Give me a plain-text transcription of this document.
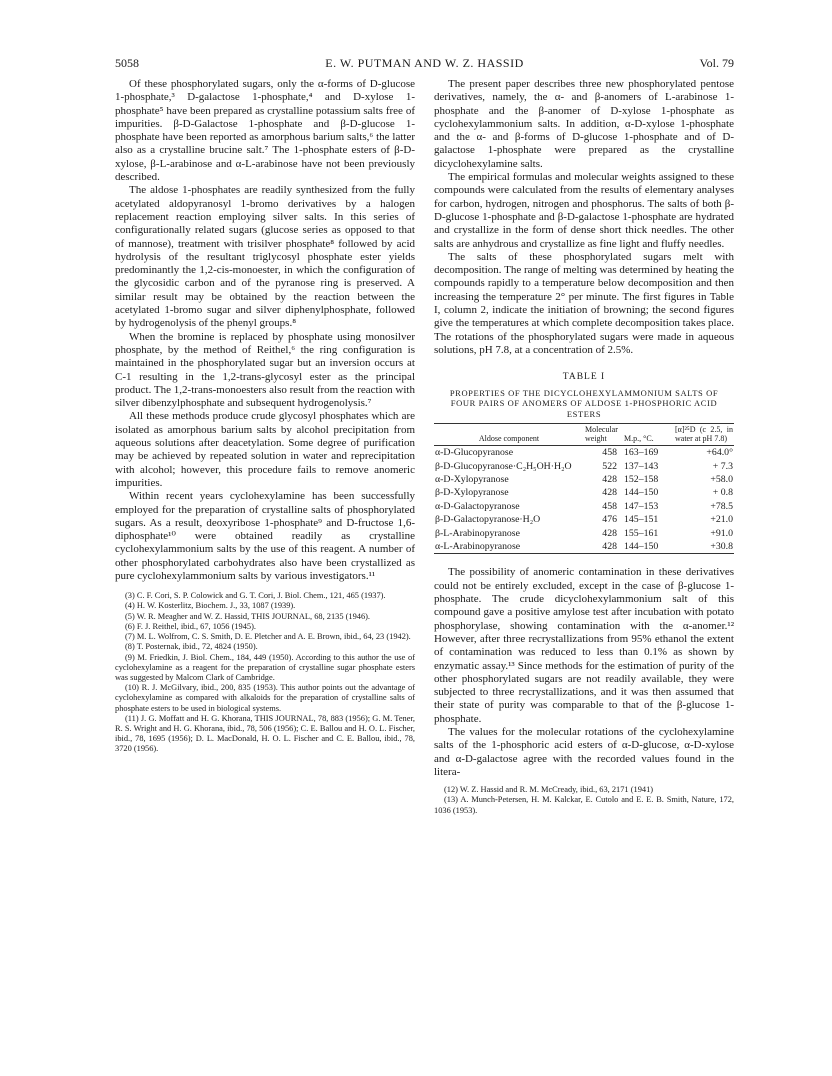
5058	E. W. PUTMAN AND W. Z. HASSID	Vol. 79

Of these phosphorylated sugars, only the α-forms of D-glucose 1-phosphate,³ D-galactose 1-phosphate,⁴ and D-xylose 1-phosphate⁵ have been prepared as crystalline potassium salts free of impurities. β-D-Galactose 1-phosphate and β-D-glucose 1-phosphate have been reported as amorphous barium salts,⁶ the latter also as a crystalline brucine salt.⁷ The 1-phosphate esters of β-D-xylose, β-L-arabinose and α-L-arabinose have not been previously described.

The aldose 1-phosphates are readily synthesized from the fully acetylated aldopyranosyl 1-bromo derivatives by a halogen replacement reaction employing silver salts. In this series of configurationally related sugars (glucose series as opposed to that of mannose), treatment with trisilver phosphate⁸ followed by acid hydrolysis of the resultant triglycosyl phosphate ester yields predominantly the 1,2-cis-monoester, in which the configuration of the glycosidic carbon and of the pyranose ring is preserved. A similar result may be obtained by the reaction between the acetylated 1-bromo sugar and silver diphenylphosphate, followed by hydrogenolysis of the phenyl groups.⁸

When the bromine is replaced by phosphate using monosilver phosphate, by the method of Reithel,⁶ the ring configuration is maintained in the phosphorylated sugar but an inversion occurs at C-1 resulting in the 1,2-trans-glycosyl ester as the principal product. The 1,2-trans-monoesters also result from the reaction with silver dibenzylphosphate and subsequent hydrogenolysis.⁷

All these methods produce crude glycosyl phosphates which are isolated as amorphous barium salts by alcohol precipitation from aqueous solutions after deacetylation. Some degree of purification may be achieved by repeated solution in water and reprecipitation with alcohol; however, this procedure fails to remove anomeric impurities.

Within recent years cyclohexylamine has been successfully employed for the preparation of crystalline salts of phosphorylated sugars. As a result, deoxyribose 1-phosphate⁹ and D-fructose 1,6-diphosphate¹⁰ were obtained readily as crystalline cyclohexylammonium salts by the use of this reagent. A number of other phosphorylated carbohydrates also have been crystallized as pure cyclohexylammonium salts by various investigators.¹¹

(3) C. F. Cori, S. P. Colowick and G. T. Cori, J. Biol. Chem., 121, 465 (1937).
(4) H. W. Kosterlitz, Biochem. J., 33, 1087 (1939).
(5) W. R. Meagher and W. Z. Hassid, THIS JOURNAL, 68, 2135 (1946).
(6) F. J. Reithel, ibid., 67, 1056 (1945).
(7) M. L. Wolfrom, C. S. Smith, D. E. Pletcher and A. E. Brown, ibid., 64, 23 (1942).
(8) T. Posternak, ibid., 72, 4824 (1950).
(9) M. Friedkin, J. Biol. Chem., 184, 449 (1950). According to this author the use of cyclohexylamine as a reagent for the preparation of crystalline sugar phosphate esters was suggested by Malcom Clark of Cambridge.
(10) R. J. McGilvary, ibid., 200, 835 (1953). This author points out the advantage of cyclohexylamine as compared with alkaloids for the preparation of crystalline salts of phosphate esters to be used in biological systems.
(11) J. G. Moffatt and H. G. Khorana, THIS JOURNAL, 78, 883 (1956); G. M. Tener, R. S. Wright and H. G. Khorana, ibid., 78, 506 (1956); C. E. Ballou and H. O. L. Fischer, ibid., 78, 1695 (1956); D. L. MacDonald, H. O. L. Fischer and C. E. Ballou, ibid., 78, 3720 (1956).

The present paper describes three new phosphorylated pentose derivatives, namely, the α- and β-anomers of L-arabinose 1-phosphate and the β-anomer of D-xylose 1-phosphate as cyclohexylammonium salts. In addition, α-D-xylose 1-phosphate and the α- and β-forms of D-glucose 1-phosphate and of D-galactose 1-phosphate were prepared as the crystalline dicyclohexylamine salts.

The empirical formulas and molecular weights assigned to these compounds were calculated from the results of elementary analyses for carbon, hydrogen, nitrogen and phosphorus. The salts of both β-D-glucose 1-phosphate and β-D-galactose 1-phosphate are hydrated and crystallize in the form of dense short thick needles. The other salts are anhydrous and crystallize as fine light and fluffy needles.

The salts of these phosphorylated sugars melt with decomposition. The range of melting was determined by heating the compounds rapidly to a temperature below decomposition and then increasing the temperature 2° per minute. The first figures in Table I, column 2, indicate the initiation of browning; the second figures give the temperatures at which complete decomposition takes place. The rotations of the phosphorylated sugars were made in aqueous solutions, pH 7.8, at a concentration of 2.5%.

TABLE I
PROPERTIES OF THE DICYCLOHEXYLAMMONIUM SALTS OF FOUR PAIRS OF ANOMERS OF ALDOSE 1-PHOSPHORIC ACID ESTERS
Aldose component	Molecular weight	M.p., °C.	[α]²⁵D (c 2.5, in water at pH 7.8)
α-D-Glucopyranose	458	163–169	+64.0°
β-D-Glucopyranose·C₂H₅OH·H₂O	522	137–143	+ 7.3
α-D-Xylopyranose	428	152–158	+58.0
β-D-Xylopyranose	428	144–150	+ 0.8
α-D-Galactopyranose	458	147–153	+78.5
β-D-Galactopyranose·H₂O	476	145–151	+21.0
β-L-Arabinopyranose	428	155–161	+91.0
α-L-Arabinopyranose	428	144–150	+30.8

The possibility of anomeric contamination in these derivatives could not be entirely excluded, except in the case of β-glucose 1-phosphate. The crude dicyclohexylammonium salt of this compound gave a positive amylose test after incubation with potato phosphorylase, showing contamination with the α-anomer.¹² However, after three recrystallizations from 95% ethanol the extent of contamination was reduced to less than 0.1% as shown by enzymatic assay.¹³ Since methods for the estimation of purity of the other phosphorylated sugars are not readily available, they were subjected to three recrystallizations, and it was then assumed that their state of purity was comparable to that of the β-glucose 1-phosphate.

The values for the molecular rotations of the cyclohexylamine salts of the 1-phosphoric acid esters of α-D-glucose, α-D-xylose and α-D-galactose agree with the recorded values found in the litera-

(12) W. Z. Hassid and R. M. McCready, ibid., 63, 2171 (1941)
(13) A. Munch-Petersen, H. M. Kalckar, E. Cutolo and E. E. B. Smith, Nature, 172, 1036 (1953).
